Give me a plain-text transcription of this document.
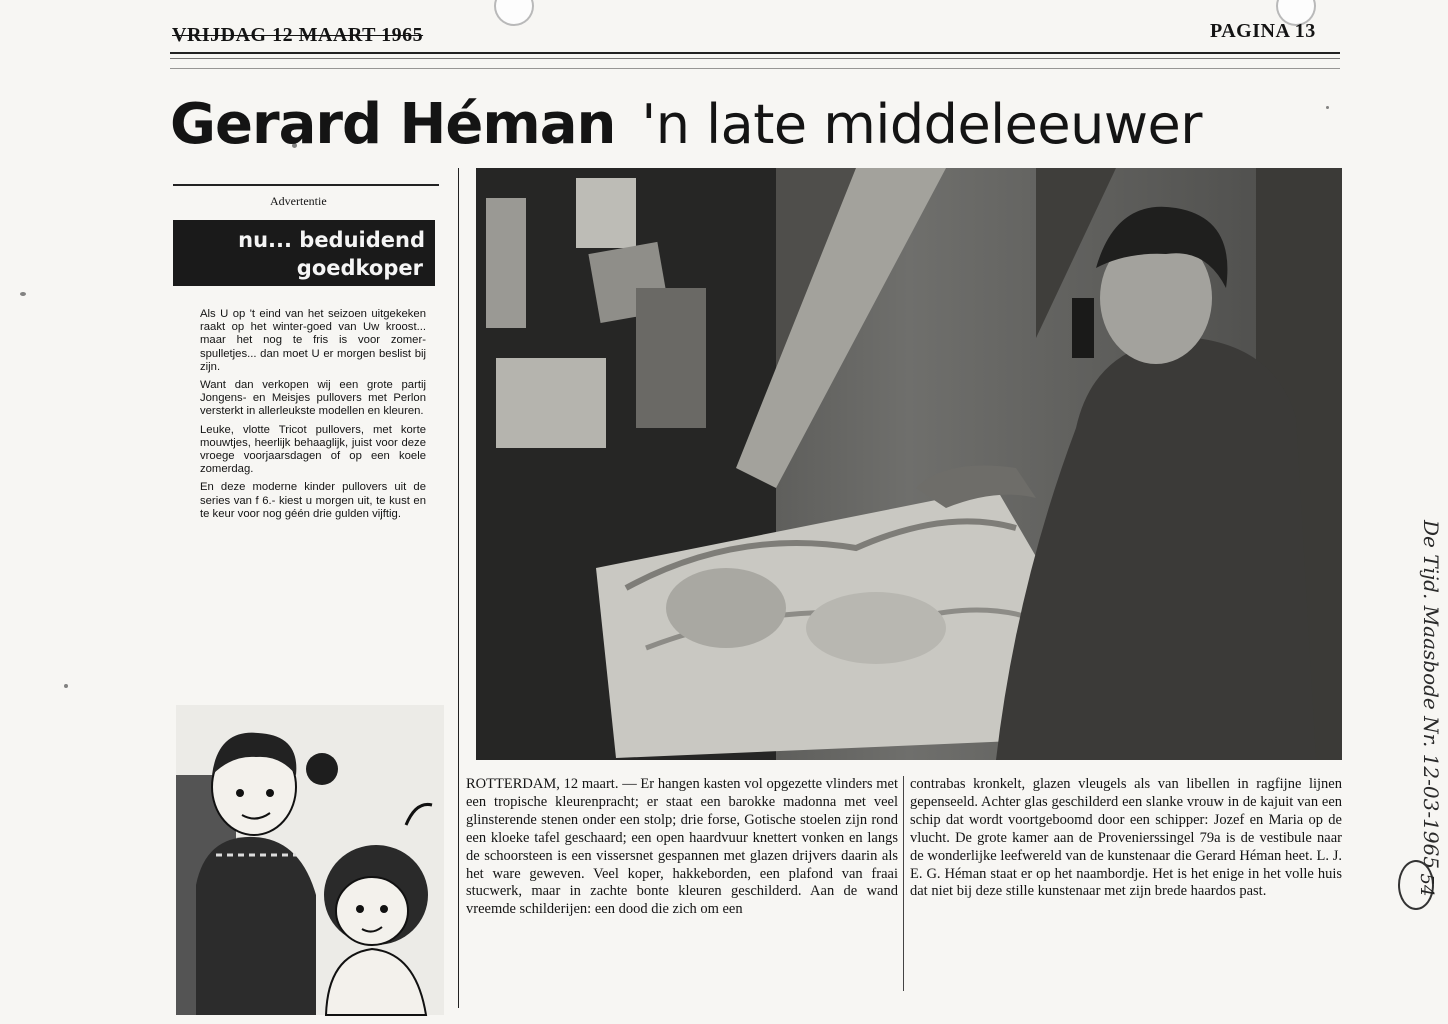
VRIJDAG 12 MAART 1965	PAGINA 13
Gerard Héman 'n late middeleeuwer
Advertentie
nu... beduidend
goedkoper

Als U op 't eind van het seizoen uitgekeken raakt op het winter-goed van Uw kroost... maar het nog te fris is voor zomer-spulletjes... dan moet U er morgen beslist bij zijn.

Want dan verkopen wij een grote partij Jongens- en Meisjes pullovers met Perlon versterkt in allerleukste modellen en kleuren.

Leuke, vlotte Tricot pullovers, met korte mouwtjes, heerlijk behaaglijk, juist voor deze vroege voorjaarsdagen of op een koele zomerdag.

En deze moderne kinder pullovers uit de series van f 6.- kiest u morgen uit, te kust en te keur voor nog géén drie gulden vijftig.

ROTTERDAM, 12 maart. — Er hangen kasten vol opgezette vlinders met een tropische kleurenpracht; er staat een barokke madonna met veel glinsterende stenen onder een stolp; drie forse, Gotische stoelen zijn rond een kloeke tafel geschaard; een open haardvuur knettert vonken en langs de schoorsteen is een vissersnet gespannen met glazen drijvers daarin als het ware geweven. Veel koper, hakkeborden, een plafond van fraai stucwerk, maar in zachte bonte kleuren geschilderd. Aan de wand vreemde schilderijen: een dood die zich om een
contrabas kronkelt, glazen vleugels als van libellen in ragfijne lijnen gepenseeld. Achter glas geschilderd een slanke vrouw in de kajuit van een schip dat wordt voortgeboomd door een schipper: Jozef en Maria op de vlucht. De grote kamer aan de Provenierssingel 79a is de vestibule naar de wonderlijke leefwereld van de kunstenaar die Gerard Héman heet. L. J. E. G. Héman staat er op het naambordje. Het is het enige in het volle huis dat niet bij deze stille kunstenaar met zijn brede haardos past.
De Tijd. Maasbode Nr. 12-03-1965
54
